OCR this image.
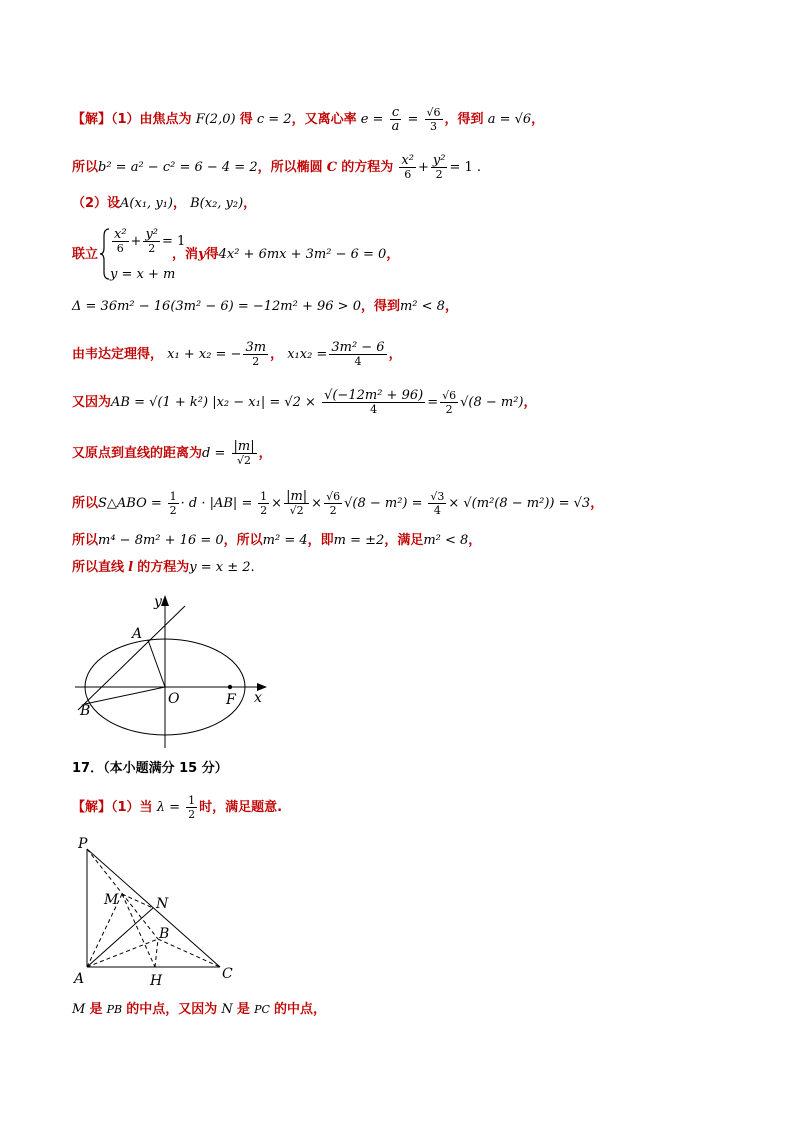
【解】（1）由焦点为 F(2,0) 得 c = 2，又离心率 $e = \frac{c}{a} = \frac{√6}{3}$ ，得到 a = √6，
所以b² = a² − c² = 6 − 4 = 2，所以椭圆 C 的方程为 $\frac{\text{x²}}{6} + \frac{\text{y²}}{2} = 1$ .
（2）设A(x₁, y₁)， B(x₂, y₂)，
联立 $\frac{\text{x²}}{6} + \frac{\text{y²}}{2} = 1$
y = x + m
，消y得4x² + 6mx + 3m² − 6 = 0，
Δ = 36m² − 16(3m² − 6) = −12m² + 96 > 0，得到m² < 8，
由韦达定理得， x₁ + x₂ = − $\frac{3m}{2}$ ， $x_1x_2 = \frac{\text{3m² − 6}}{4}$ ，
又因为AB = √(1 + k²) $|x_2 - x_1| = √2 \times \frac{\text{√(−12m² + 96)}}{4} = \frac{√6}{2} √(8 - m^2)$，
又原点到直线的距离为$d = \frac{|m|}{√2}$ ，
所以S△ABO = $\frac{1}{2} \cdot d \cdot |AB| = \frac{1}{2} \times \frac{|m|}{√2} \times \frac{√6}{2} √(8 - m^2) = \frac{√3}{4} \times √(m^2(8 - m^2)) = √3$，
所以m⁴ − 8m² + 16 = 0，所以m² = 4，即m = ±2，满足m² < 8，
所以直线 l 的方程为y = x ± 2.
A
B
O	F x
y
17．（本小题满分 15 分）
【解】（1）当 $\lambda = \frac{1}{2}$ 时，满足题意.
P
M	N
B
A	H	C
M 是 PB 的中点，又因为 N 是 PC 的中点，
